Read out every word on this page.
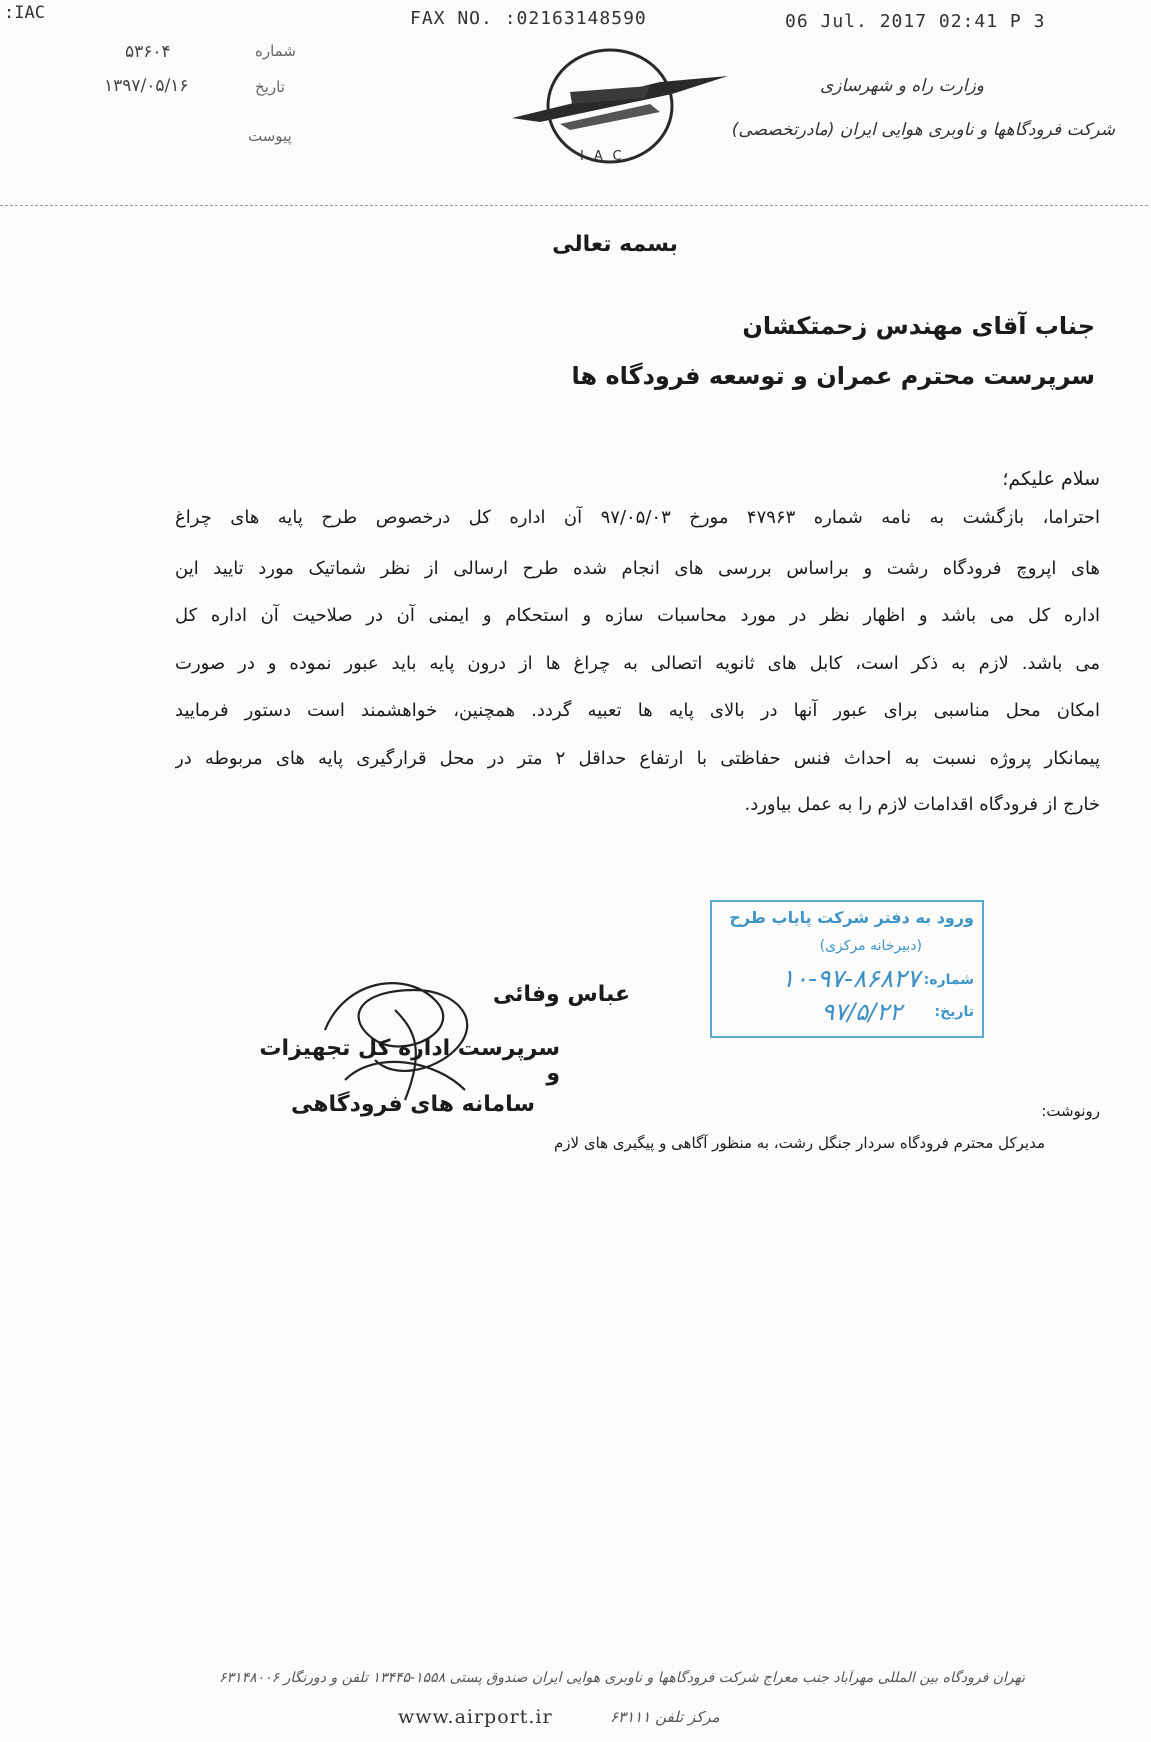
:IAC	FAX NO. :02163148590	06 Jul. 2017 02:41 P 3
شماره
۵۳۶۰۴
تاریخ
۱۳۹۷/۰۵/۱۶
پیوست
IAC
وزارت راه و شهرسازی
شرکت فرودگاهها و ناوبری هوایی ایران (مادرتخصصی)
بسمه تعالی
جناب آقای مهندس زحمتکشان
سرپرست محترم عمران و توسعه فرودگاه ها
سلام علیکم؛
احتراما، بازگشت به نامه شماره ۴۷۹۶۳ مورخ ۹۷/۰۵/۰۳ آن اداره کل درخصوص طرح پایه های چراغ
های اپروچ فرودگاه رشت و براساس بررسی های انجام شده طرح ارسالی از نظر شماتیک مورد تایید این
اداره کل می باشد و اظهار نظر در مورد محاسبات سازه و استحکام و ایمنی آن در صلاحیت آن اداره کل
می باشد. لازم به ذکر است، کابل های ثانویه اتصالی به چراغ ها از درون پایه باید عبور نموده و در صورت
امکان محل مناسبی برای عبور آنها در بالای پایه ها تعبیه گردد. همچنین، خواهشمند است دستور فرمایید
پیمانکار پروژه نسبت به احداث فنس حفاظتی با ارتفاع حداقل ۲ متر در محل قرارگیری پایه های مربوطه در
خارج از فرودگاه اقدامات لازم را به عمل بیاورد.
ورود به دفتر شرکت پایاب طرح
(دبیرخانه مرکزی)
شماره:
۱۰-۹۷-۸۶۸۲۷
تاریخ:
۹۷/۵/۲۲
عباس وفائی
سرپرست اداره کل تجهیزات و
سامانه های فرودگاهی	رونوشت:
مدیرکل محترم فرودگاه سردار جنگل رشت، به منظور آگاهی و پیگیری های لازم
تهران فرودگاه بین المللی مهرآباد جنب معراج شرکت فرودگاهها و ناوبری هوایی ایران صندوق پستی ۱۵۵۸-۱۳۴۴۵ تلفن و دورنگار ۶۳۱۴۸۰۰۶
www.airport.ir	مرکز تلفن ۶۳۱۱۱
